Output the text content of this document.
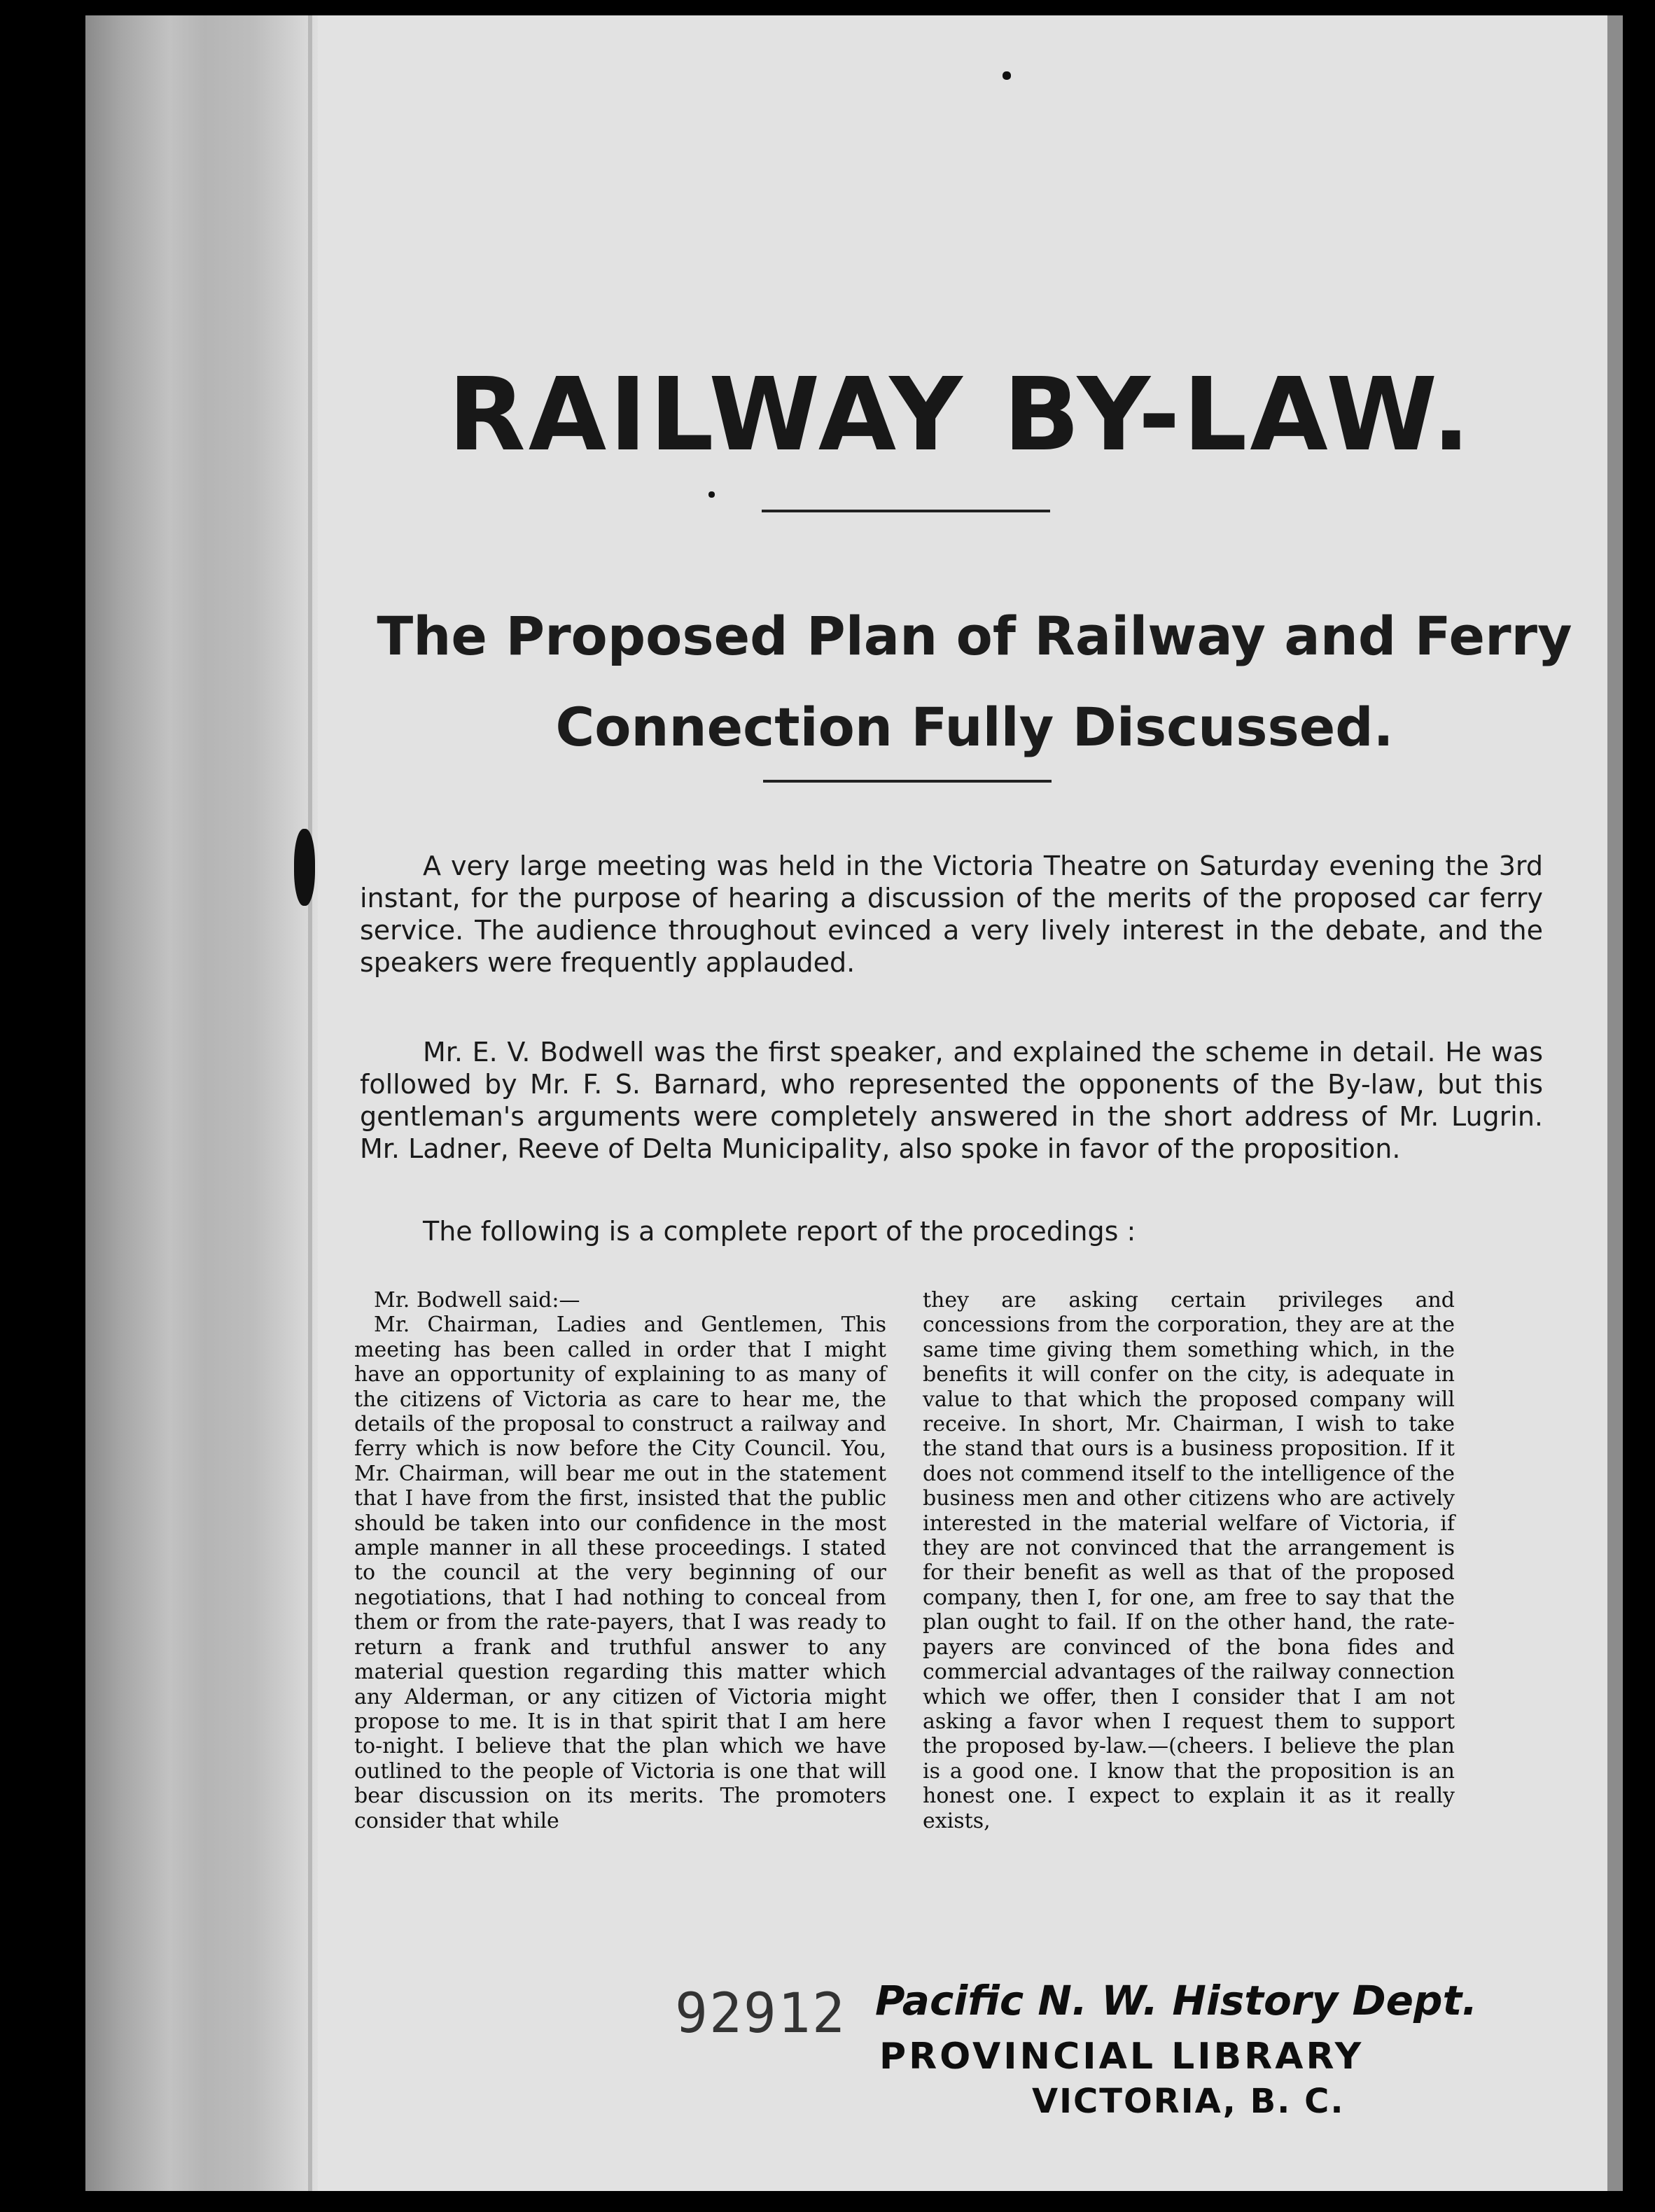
RAILWAY BY-LAW.
The Proposed Plan of Railway and Ferry
Connection Fully Discussed.

A very large meeting was held in the Victoria Theatre on Saturday evening the 3rd instant, for the purpose of hearing a discussion of the merits of the proposed car ferry service. The audience throughout evinced a very lively interest in the debate, and the speakers were frequently applauded.

Mr. E. V. Bodwell was the first speaker, and explained the scheme in detail. He was followed by Mr. F. S. Barnard, who represented the opponents of the By-law, but this gentleman's arguments were completely answered in the short address of Mr. Lugrin. Mr. Ladner, Reeve of Delta Municipality, also spoke in favor of the proposition.

The following is a complete report of the procedings :

Mr. Bodwell said:—

Mr. Chairman, Ladies and Gentlemen, This meeting has been called in order that I might have an opportunity of explaining to as many of the citizens of Victoria as care to hear me, the details of the proposal to construct a railway and ferry which is now before the City Council. You, Mr. Chairman, will bear me out in the statement that I have from the first, insisted that the public should be taken into our confidence in the most ample manner in all these proceedings. I stated to the council at the very beginning of our negotiations, that I had nothing to conceal from them or from the rate-payers, that I was ready to return a frank and truthful answer to any material question regarding this matter which any Alderman, or any citizen of Victoria might propose to me. It is in that spirit that I am here to-night. I believe that the plan which we have outlined to the people of Victoria is one that will bear discussion on its merits. The promoters consider that while

they are asking certain privileges and concessions from the corporation, they are at the same time giving them something which, in the benefits it will confer on the city, is adequate in value to that which the proposed company will receive. In short, Mr. Chairman, I wish to take the stand that ours is a business proposition. If it does not commend itself to the intelligence of the business men and other citizens who are actively interested in the material welfare of Victoria, if they are not convinced that the arrangement is for their benefit as well as that of the proposed company, then I, for one, am free to say that the plan ought to fail. If on the other hand, the rate-payers are convinced of the bona fides and commercial advantages of the railway connection which we offer, then I consider that I am not asking a favor when I request them to support the proposed by-law.—(cheers. I believe the plan is a good one. I know that the proposition is an honest one. I expect to explain it as it really exists,

92912 Pacific N. W. History Dept.
PROVINCIAL LIBRARY
VICTORIA, B. C.
